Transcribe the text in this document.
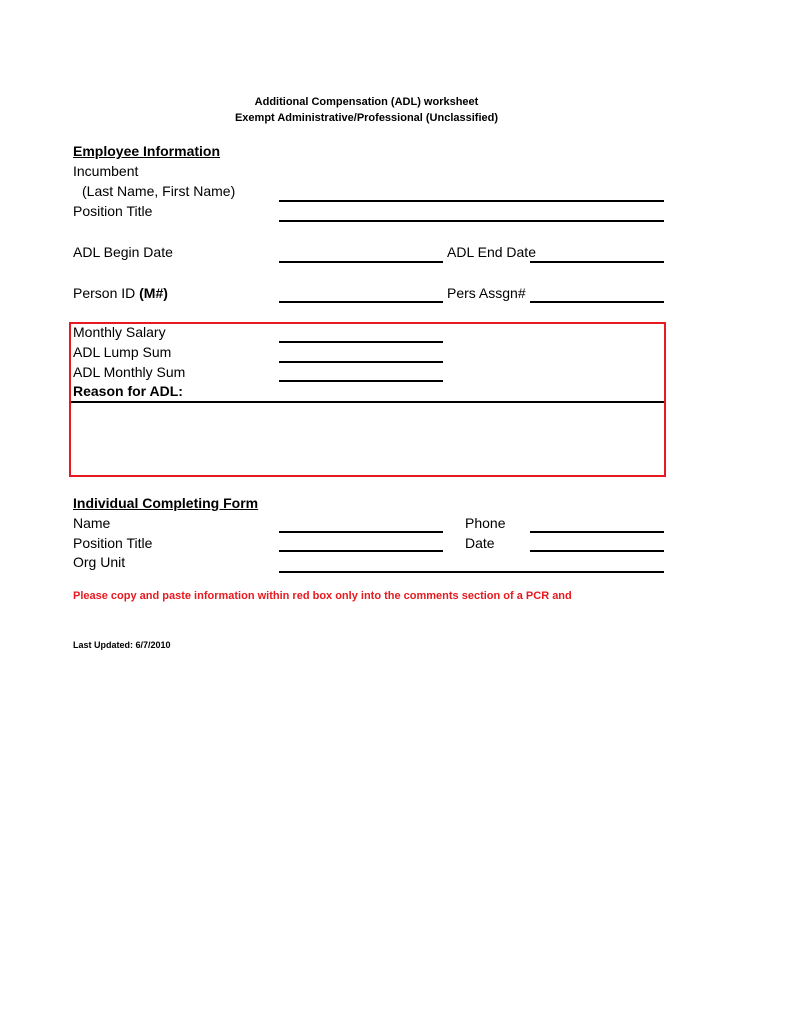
Additional Compensation (ADL) worksheet
Exempt Administrative/Professional (Unclassified)
Employee Information
Incumbent
(Last Name, First Name)
Position Title
ADL Begin Date	ADL End Date
Person ID (M#)	Pers Assgn#
Monthly Salary
ADL Lump Sum
ADL Monthly Sum
Reason for ADL:
Individual Completing Form
Name	Phone
Position Title	Date
Org Unit
Please copy and paste information within red box only into the comments section of a PCR and
Last Updated: 6/7/2010
